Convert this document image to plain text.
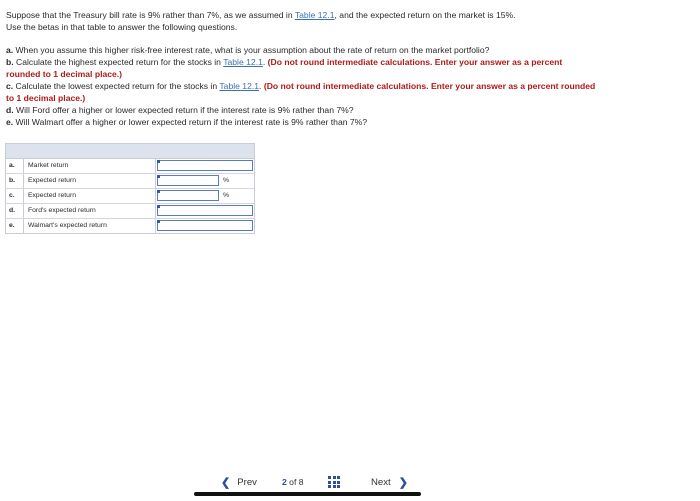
Suppose that the Treasury bill rate is 9% rather than 7%, as we assumed in Table 12.1, and the expected return on the market is 15%.
Use the betas in that table to answer the following questions.
a. When you assume this higher risk-free interest rate, what is your assumption about the rate of return on the market portfolio?
b. Calculate the highest expected return for the stocks in Table 12.1. (Do not round intermediate calculations. Enter your answer as a percent rounded to 1 decimal place.)
c. Calculate the lowest expected return for the stocks in Table 12.1. (Do not round intermediate calculations. Enter your answer as a percent rounded to 1 decimal place.)
d. Will Ford offer a higher or lower expected return if the interest rate is 9% rather than 7%?
e. Will Walmart offer a higher or lower expected return if the interest rate is 9% rather than 7%?
a.	Market return
b.	Expected return	%
c.	Expected return	%
d.	Ford's expected return
e.	Walmart's expected return
❮ Prev	2 of 8	Next ❯
